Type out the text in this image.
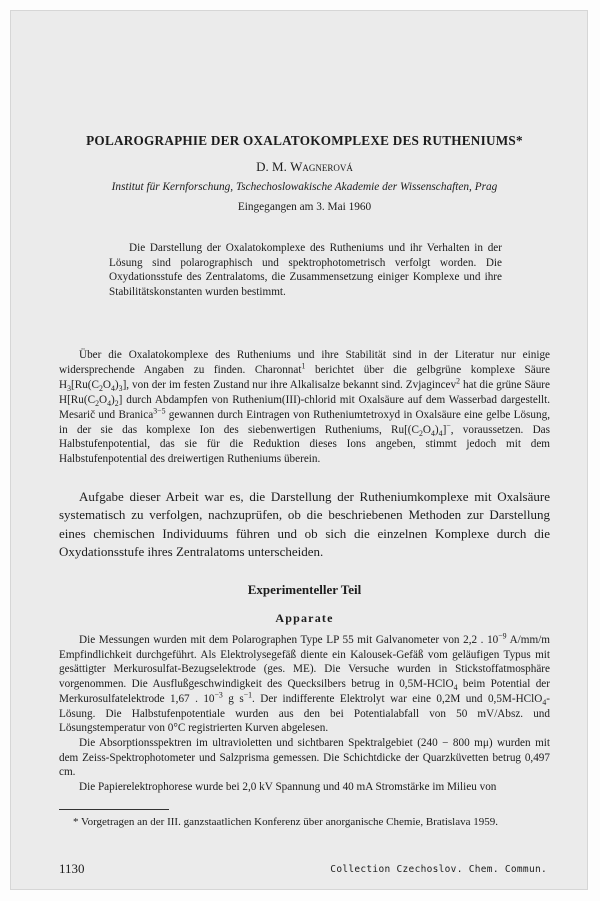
POLAROGRAPHIE DER OXALATOKOMPLEXE DES RUTHENIUMS*
D. M. Wagnerová
Institut für Kernforschung, Tschechoslowakische Akademie der Wissenschaften, Prag
Eingegangen am 3. Mai 1960

Die Darstellung der Oxalatokomplexe des Rutheniums und ihr Verhalten in der Lösung sind polarographisch und spektrophotometrisch verfolgt worden. Die Oxydationsstufe des Zentralatoms, die Zusammensetzung einiger Komplexe und ihre Stabilitätskonstanten wurden bestimmt.

Über die Oxalatokomplexe des Rutheniums und ihre Stabilität sind in der Literatur nur einige widersprechende Angaben zu finden. Charonnat$^1$ berichtet über die gelbgrüne komplexe Säure $H_3[Ru(C_2O_4)_3]$, von der im festen Zustand nur ihre Alkalisalze bekannt sind. Zvjagincev$^2$ hat die grüne Säure $H[Ru(C_2O_4)_2]$ durch Abdampfen von Ruthenium(III)-chlorid mit Oxalsäure auf dem Wasserbad dargestellt. Mesarič und Branica$^{3-5}$ gewannen durch Eintragen von Rutheniumtetroxyd in Oxalsäure eine gelbe Lösung, in der sie das komplexe Ion des siebenwertigen Rutheniums, $Ru[(C_2O_4)_4]^-$, voraussetzen. Das Halbstufenpotential, das sie für die Reduktion dieses Ions angeben, stimmt jedoch mit dem Halbstufenpotential des dreiwertigen Rutheniums überein.

Aufgabe dieser Arbeit war es, die Darstellung der Rutheniumkomplexe mit Oxalsäure systematisch zu verfolgen, nachzuprüfen, ob die beschriebenen Methoden zur Darstellung eines chemischen Individuums führen und ob sich die einzelnen Komplexe durch die Oxydationsstufe ihres Zentralatoms unterscheiden.

Experimenteller Teil
Apparate

Die Messungen wurden mit dem Polarographen Type LP 55 mit Galvanometer von 2,2 . $10^{-9}$ A/mm/m Empfindlichkeit durchgeführt. Als Elektrolysegefäß diente ein Kalousek-Gefäß vom geläufigen Typus mit gesättigter Merkurosulfat-Bezugselektrode (ges. ME). Die Versuche wurden in Stickstoffatmosphäre vorgenommen. Die Ausflußgeschwindigkeit des Quecksilbers betrug in 0,5M-HClO$_4$ beim Potential der Merkurosulfatelektrode 1,67 . $10^{-3}$ g $s^{-1}$. Der indifferente Elektrolyt war eine 0,2M und 0,5M-HClO$_4$-Lösung. Die Halbstufenpotentiale wurden aus den bei Potentialabfall von 50 mV/Absz. und Lösungstemperatur von 0°C registrierten Kurven abgelesen.

Die Absorptionsspektren im ultravioletten und sichtbaren Spektralgebiet (240 − 800 mμ) wurden mit dem Zeiss-Spektrophotometer und Salzprisma gemessen. Die Schichtdicke der Quarzküvetten betrug 0,497 cm.

Die Papierelektrophorese wurde bei 2,0 kV Spannung und 40 mA Stromstärke im Milieu von

* Vorgetragen an der III. ganzstaatlichen Konferenz über anorganische Chemie, Bratislava 1959.

1130	Collection Czechoslov. Chem. Commun.
